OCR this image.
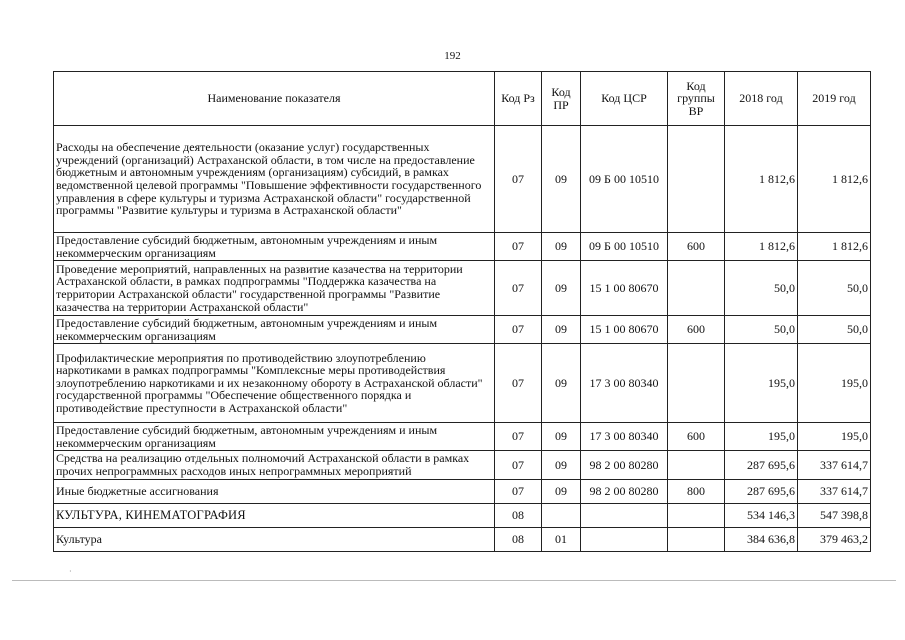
192
Наименование показателя	Код Рз	Код ПР	Код ЦСР	Код группы ВР	2018 год	2019 год
Расходы на обеспечение деятельности (оказание услуг) государственных учреждений (организаций) Астраханской области, в том числе на предоставление бюджетным и автономным учреждениям (организациям) субсидий, в рамках ведомственной целевой программы "Повышение эффективности государственного управления в сфере культуры и туризма Астраханской области" государственной программы "Развитие культуры и туризма в Астраханской области"	07	09	09 Б 00 10510		1 812,6	1 812,6
Предоставление субсидий бюджетным, автономным учреждениям и иным некоммерческим организациям	07	09	09 Б 00 10510	600	1 812,6	1 812,6
Проведение мероприятий, направленных на развитие казачества на территории Астраханской области, в рамках подпрограммы "Поддержка казачества на территории Астраханской области" государственной программы "Развитие казачества на территории Астраханской области"	07	09	15 1 00 80670		50,0	50,0
Предоставление субсидий бюджетным, автономным учреждениям и иным некоммерческим организациям	07	09	15 1 00 80670	600	50,0	50,0
Профилактические мероприятия по противодействию злоупотреблению наркотиками в рамках подпрограммы "Комплексные меры противодействия злоупотреблению наркотиками и их незаконному обороту в Астраханской области" государственной программы "Обеспечение общественного порядка и противодействие преступности в Астраханской области"	07	09	17 3 00 80340		195,0	195,0
Предоставление субсидий бюджетным, автономным учреждениям и иным некоммерческим организациям	07	09	17 3 00 80340	600	195,0	195,0
Средства на реализацию отдельных полномочий Астраханской области в рамках прочих непрограммных расходов иных непрограммных мероприятий	07	09	98 2 00 80280		287 695,6	337 614,7
Иные бюджетные ассигнования	07	09	98 2 00 80280	800	287 695,6	337 614,7
КУЛЬТУРА, КИНЕМАТОГРАФИЯ	08				534 146,3	547 398,8
Культура	08	01			384 636,8	379 463,2
·
